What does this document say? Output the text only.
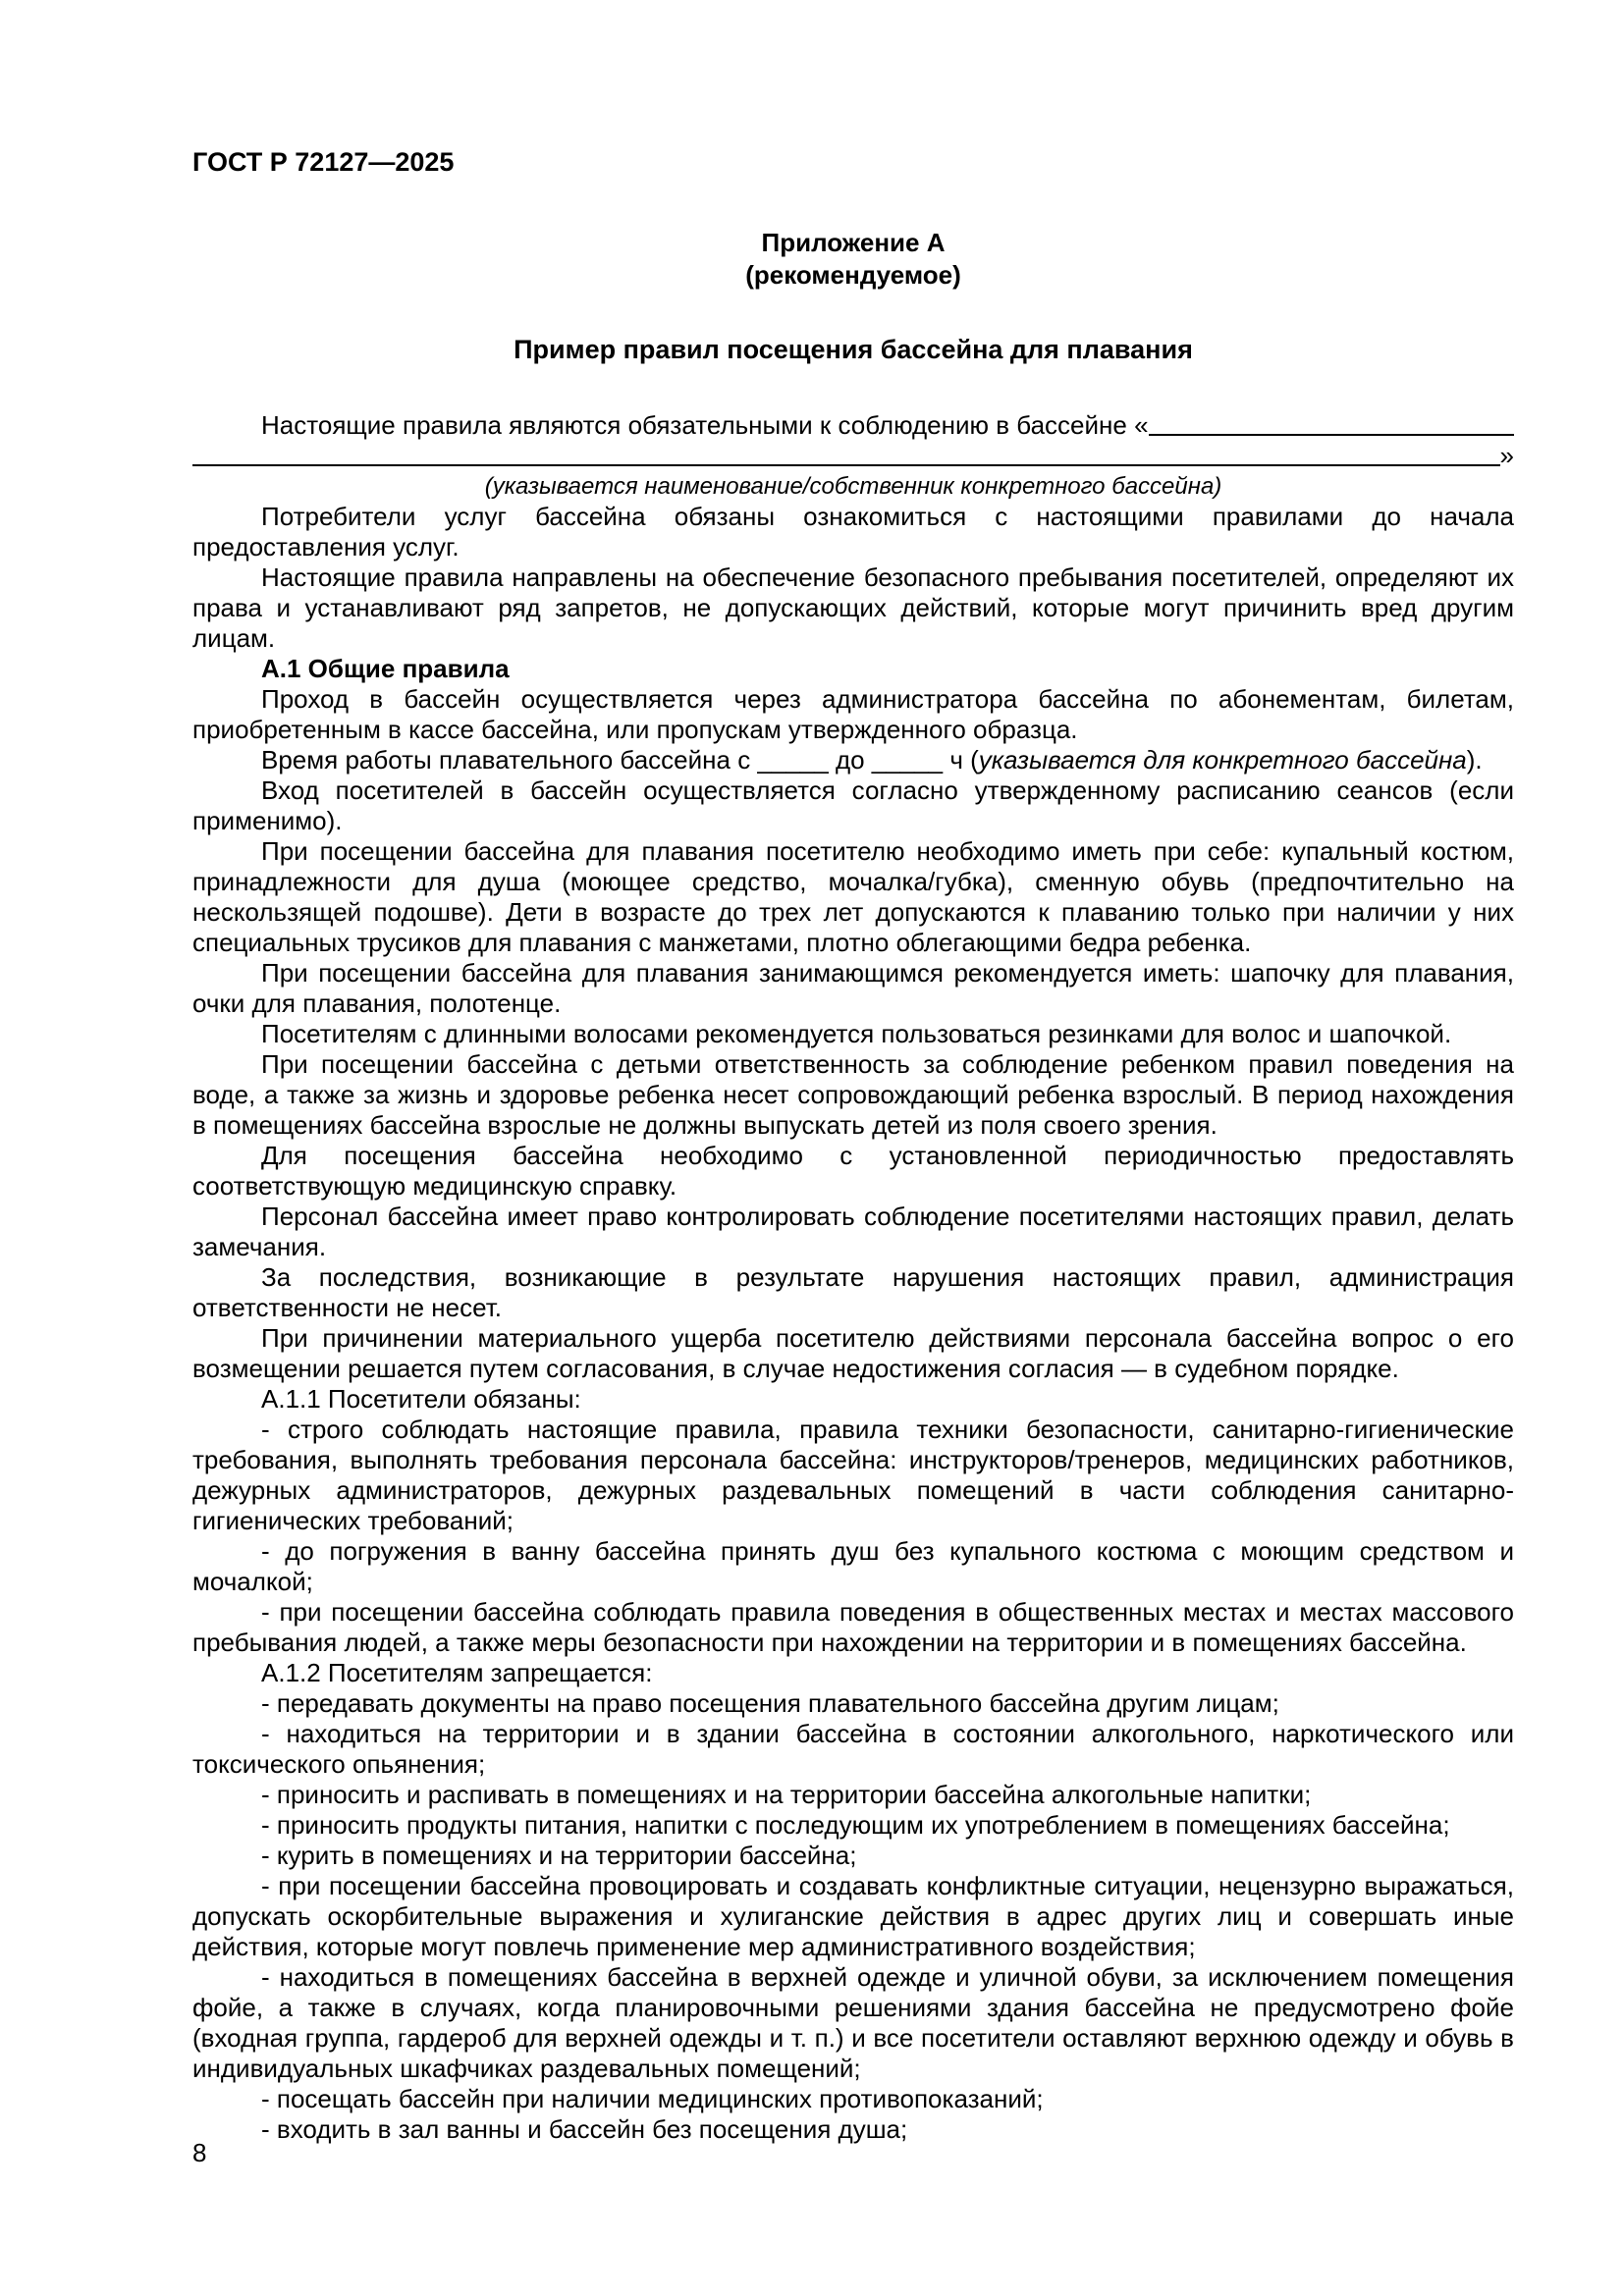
ГОСТ Р 72127—2025
Приложение А
(рекомендуемое)
Пример правил посещения бассейна для плавания

Настоящие правила являются обязательными к соблюдению в бассейне «

»

(указывается наименование/собственник конкретного бассейна)

Потребители услуг бассейна обязаны ознакомиться с настоящими правилами до начала предоставления услуг.

Настоящие правила направлены на обеспечение безопасного пребывания посетителей, определяют их права и устанавливают ряд запретов, не допускающих действий, которые могут причинить вред другим лицам.

А.1 Общие правила

Проход в бассейн осуществляется через администратора бассейна по абонементам, билетам, приобретенным в кассе бассейна, или пропускам утвержденного образца.

Время работы плавательного бассейна с _____ до _____ ч (указывается для конкретного бассейна).

Вход посетителей в бассейн осуществляется согласно утвержденному расписанию сеансов (если применимо).

При посещении бассейна для плавания посетителю необходимо иметь при себе: купальный костюм, принадлежности для душа (моющее средство, мочалка/губка), сменную обувь (предпочтительно на нескользящей подошве). Дети в возрасте до трех лет допускаются к плаванию только при наличии у них специальных трусиков для плавания с манжетами, плотно облегающими бедра ребенка.

При посещении бассейна для плавания занимающимся рекомендуется иметь: шапочку для плавания, очки для плавания, полотенце.

Посетителям с длинными волосами рекомендуется пользоваться резинками для волос и шапочкой.

При посещении бассейна с детьми ответственность за соблюдение ребенком правил поведения на воде, а также за жизнь и здоровье ребенка несет сопровождающий ребенка взрослый. В период нахождения в помещениях бассейна взрослые не должны выпускать детей из поля своего зрения.

Для посещения бассейна необходимо с установленной периодичностью предоставлять соответствующую медицинскую справку.

Персонал бассейна имеет право контролировать соблюдение посетителями настоящих правил, делать замечания.

За последствия, возникающие в результате нарушения настоящих правил, администрация ответственности не несет.

При причинении материального ущерба посетителю действиями персонала бассейна вопрос о его возмещении решается путем согласования, в случае недостижения согласия — в судебном порядке.

А.1.1 Посетители обязаны:

- строго соблюдать настоящие правила, правила техники безопасности, санитарно-гигиенические требования, выполнять требования персонала бассейна: инструкторов/тренеров, медицинских работников, дежурных администраторов, дежурных раздевальных помещений в части соблюдения санитарно-гигиенических требований;

- до погружения в ванну бассейна принять душ без купального костюма с моющим средством и мочалкой;

- при посещении бассейна соблюдать правила поведения в общественных местах и местах массового пребывания людей, а также меры безопасности при нахождении на территории и в помещениях бассейна.

А.1.2 Посетителям запрещается:

- передавать документы на право посещения плавательного бассейна другим лицам;

- находиться на территории и в здании бассейна в состоянии алкогольного, наркотического или токсического опьянения;

- приносить и распивать в помещениях и на территории бассейна алкогольные напитки;

- приносить продукты питания, напитки с последующим их употреблением в помещениях бассейна;

- курить в помещениях и на территории бассейна;

- при посещении бассейна провоцировать и создавать конфликтные ситуации, нецензурно выражаться, допускать оскорбительные выражения и хулиганские действия в адрес других лиц и совершать иные действия, которые могут повлечь применение мер административного воздействия;

- находиться в помещениях бассейна в верхней одежде и уличной обуви, за исключением помещения фойе, а также в случаях, когда планировочными решениями здания бассейна не предусмотрено фойе (входная группа, гардероб для верхней одежды и т. п.) и все посетители оставляют верхнюю одежду и обувь в индивидуальных шкафчиках раздевальных помещений;

- посещать бассейн при наличии медицинских противопоказаний;

- входить в зал ванны и бассейн без посещения душа;

8
